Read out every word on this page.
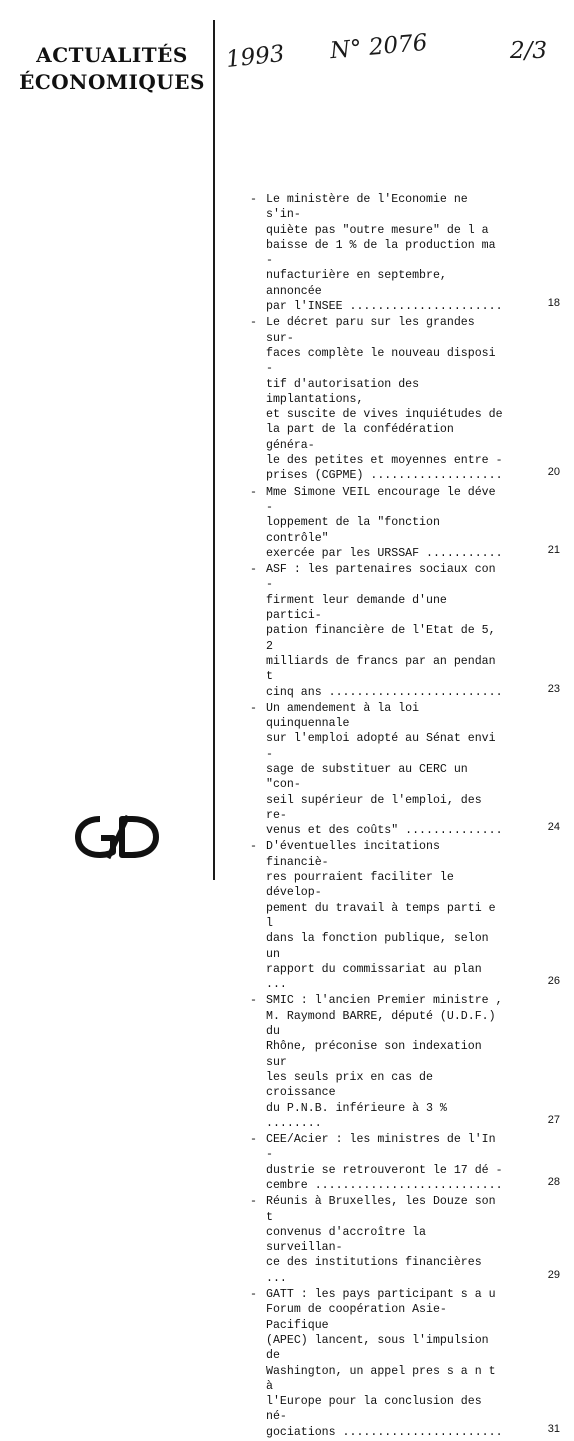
ACTUALITÉS
ÉCONOMIQUES
1993 N° 2076	2/3
- Le ministère de l'Economie ne s'in-
quiète pas "outre mesure" de l a
baisse de 1 % de la production ma -
nufacturière en septembre, annoncée
par l'INSEE ......................	18
- Le décret paru sur les grandes sur-
faces complète le nouveau disposi -
tif d'autorisation des implantations,
et suscite de vives inquiétudes de
la part de la confédération généra-
le des petites et moyennes entre -
prises (CGPME) ...................	20
- Mme Simone VEIL encourage le déve -
loppement de la "fonction contrôle"
exercée par les URSSAF ...........	21
- ASF : les partenaires sociaux con -
firment leur demande d'une partici-
pation financière de l'Etat de 5, 2
milliards de francs par an pendan t
cinq ans .........................	23
- Un amendement à la loi quinquennale
sur l'emploi adopté au Sénat envi -
sage de substituer au CERC un "con-
seil supérieur de l'emploi, des re-
venus et des coûts" ..............	24
- D'éventuelles incitations financiè-
res pourraient faciliter le dévelop-
pement du travail à temps parti e l
dans la fonction publique, selon un
rapport du commissariat au plan ...	26
- SMIC : l'ancien Premier ministre ,
M. Raymond BARRE, député (U.D.F.) du
Rhône, préconise son indexation sur
les seuls prix en cas de croissance
du P.N.B. inférieure à 3 % ........	27
- CEE/Acier : les ministres de l'In -
dustrie se retrouveront le 17 dé -
cembre ...........................	28
- Réunis à Bruxelles, les Douze son t
convenus d'accroître la surveillan-
ce des institutions financières ...	29
- GATT : les pays participant s a u
Forum de coopération Asie-Pacifique
(APEC) lancent, sous l'impulsion de
Washington, un appel pres s a n t à
l'Europe pour la conclusion des né-
gociations .......................	31
